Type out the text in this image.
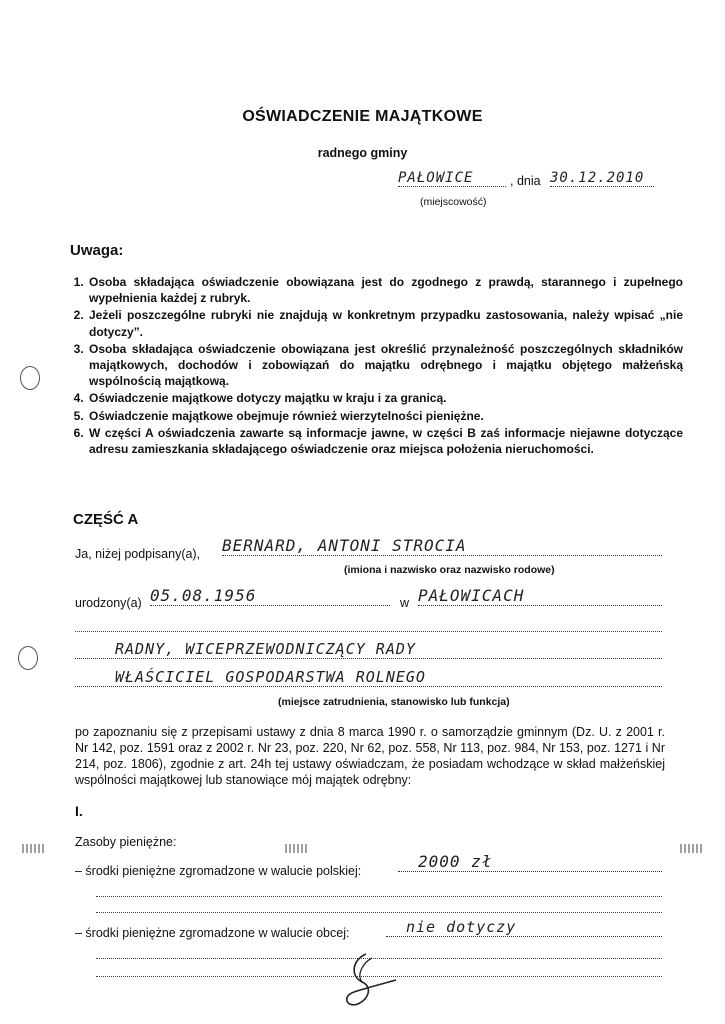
OŚWIADCZENIE MAJĄTKOWE
radnego gminy
PAŁOWICE	, dnia 30.12.2010
(miejscowość)
Uwaga:
1. Osoba składająca oświadczenie obowiązana jest do zgodnego z prawdą, starannego i zupełnego wypełnienia każdej z rubryk.
2. Jeżeli poszczególne rubryki nie znajdują w konkretnym przypadku zastosowania, należy wpisać „nie dotyczy”.
3. Osoba składająca oświadczenie obowiązana jest określić przynależność poszczególnych składników majątkowych, dochodów i zobowiązań do majątku odrębnego i majątku objętego małżeńską wspólnością majątkową.
4. Oświadczenie majątkowe dotyczy majątku w kraju i za granicą.
5. Oświadczenie majątkowe obejmuje również wierzytelności pieniężne.
6. W części A oświadczenia zawarte są informacje jawne, w części B zaś informacje niejawne dotyczące adresu zamieszkania składającego oświadczenie oraz miejsca położenia nieruchomości.
CZĘŚĆ A
Ja, niżej podpisany(a), BERNARD, ANTONI STROCIA
(imiona i nazwisko oraz nazwisko rodowe)
urodzony(a) 05.08.1956	w PAŁOWICACH
RADNY, WICEPRZEWODNICZĄCY RADY
WŁAŚCICIEL GOSPODARSTWA ROLNEGO
(miejsce zatrudnienia, stanowisko lub funkcja)
po zapoznaniu się z przepisami ustawy z dnia 8 marca 1990 r. o samorządzie gminnym (Dz. U. z 2001 r. Nr 142, poz. 1591 oraz z 2002 r. Nr 23, poz. 220, Nr 62, poz. 558, Nr 113, poz. 984, Nr 153, poz. 1271 i Nr 214, poz. 1806), zgodnie z art. 24h tej ustawy oświadczam, że posiadam wchodzące w skład małżeńskiej wspólności majątkowej lub stanowiące mój majątek odrębny:
I.
Zasoby pieniężne:
– środki pieniężne zgromadzone w walucie polskiej:	2000 zł
– środki pieniężne zgromadzone w walucie obcej:	nie dotyczy
